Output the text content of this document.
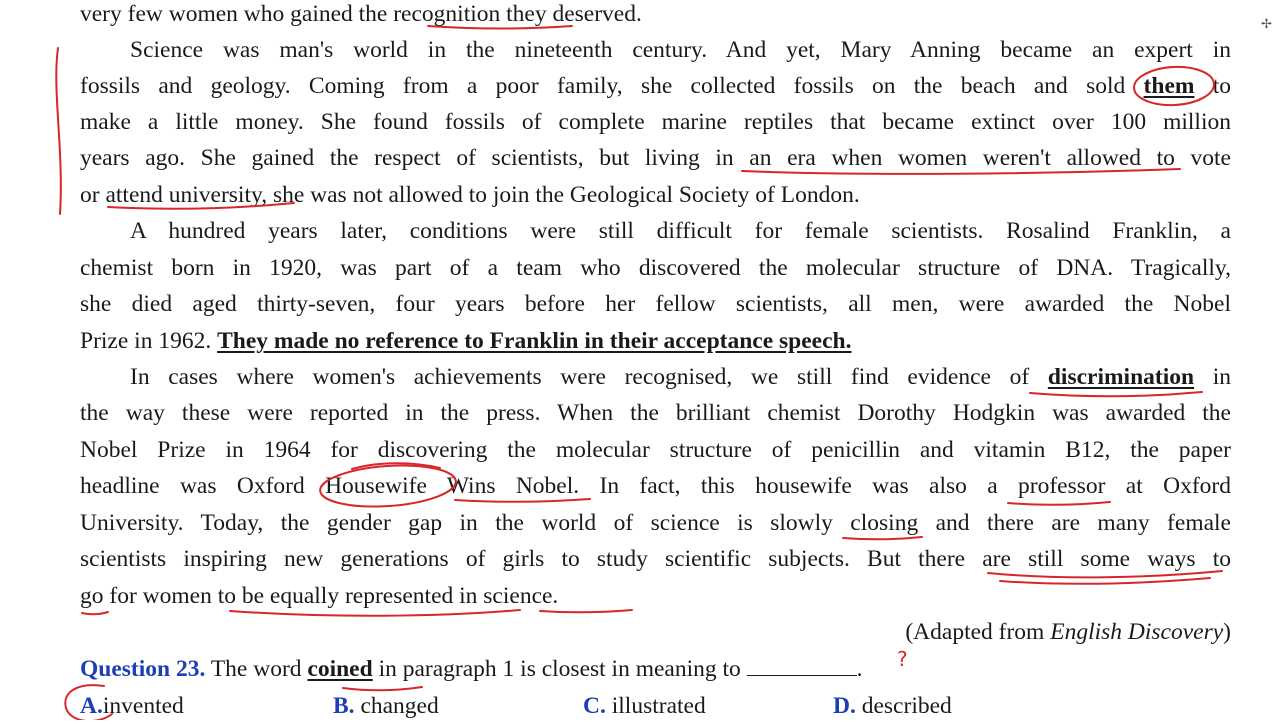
very few women who gained the recognition they deserved.
Science was man's world in the nineteenth century. And yet, Mary Anning became an expert in
fossils and geology. Coming from a poor family, she collected fossils on the beach and sold them to
make a little money. She found fossils of complete marine reptiles that became extinct over 100 million
years ago. She gained the respect of scientists, but living in an era when women weren't allowed to vote
or attend university, she was not allowed to join the Geological Society of London.
A hundred years later, conditions were still difficult for female scientists. Rosalind Franklin, a
chemist born in 1920, was part of a team who discovered the molecular structure of DNA. Tragically,
she died aged thirty-seven, four years before her fellow scientists, all men, were awarded the Nobel
Prize in 1962. They made no reference to Franklin in their acceptance speech.
In cases where women's achievements were recognised, we still find evidence of discrimination in
the way these were reported in the press. When the brilliant chemist Dorothy Hodgkin was awarded the
Nobel Prize in 1964 for discovering the molecular structure of penicillin and vitamin B12, the paper
headline was Oxford Housewife Wins Nobel. In fact, this housewife was also a professor at Oxford
University. Today, the gender gap in the world of science is slowly closing and there are many female
scientists inspiring new generations of girls to study scientific subjects. But there are still some ways to
go for women to be equally represented in science.
(Adapted from English Discovery)
Question 23. The word coined in paragraph 1 is closest in meaning to	.
A.invented	B. changed	C. illustrated	D. described
?
✢
